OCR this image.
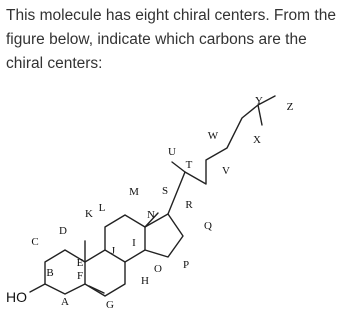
This molecule has eight chiral centers. From the figure below, indicate which carbons are the chiral centers:

HO	A
B
C
D
E
F
G
H
I
J
K L
M
N
O P
Q
R
S
T
U
V
W	X
Y Z
